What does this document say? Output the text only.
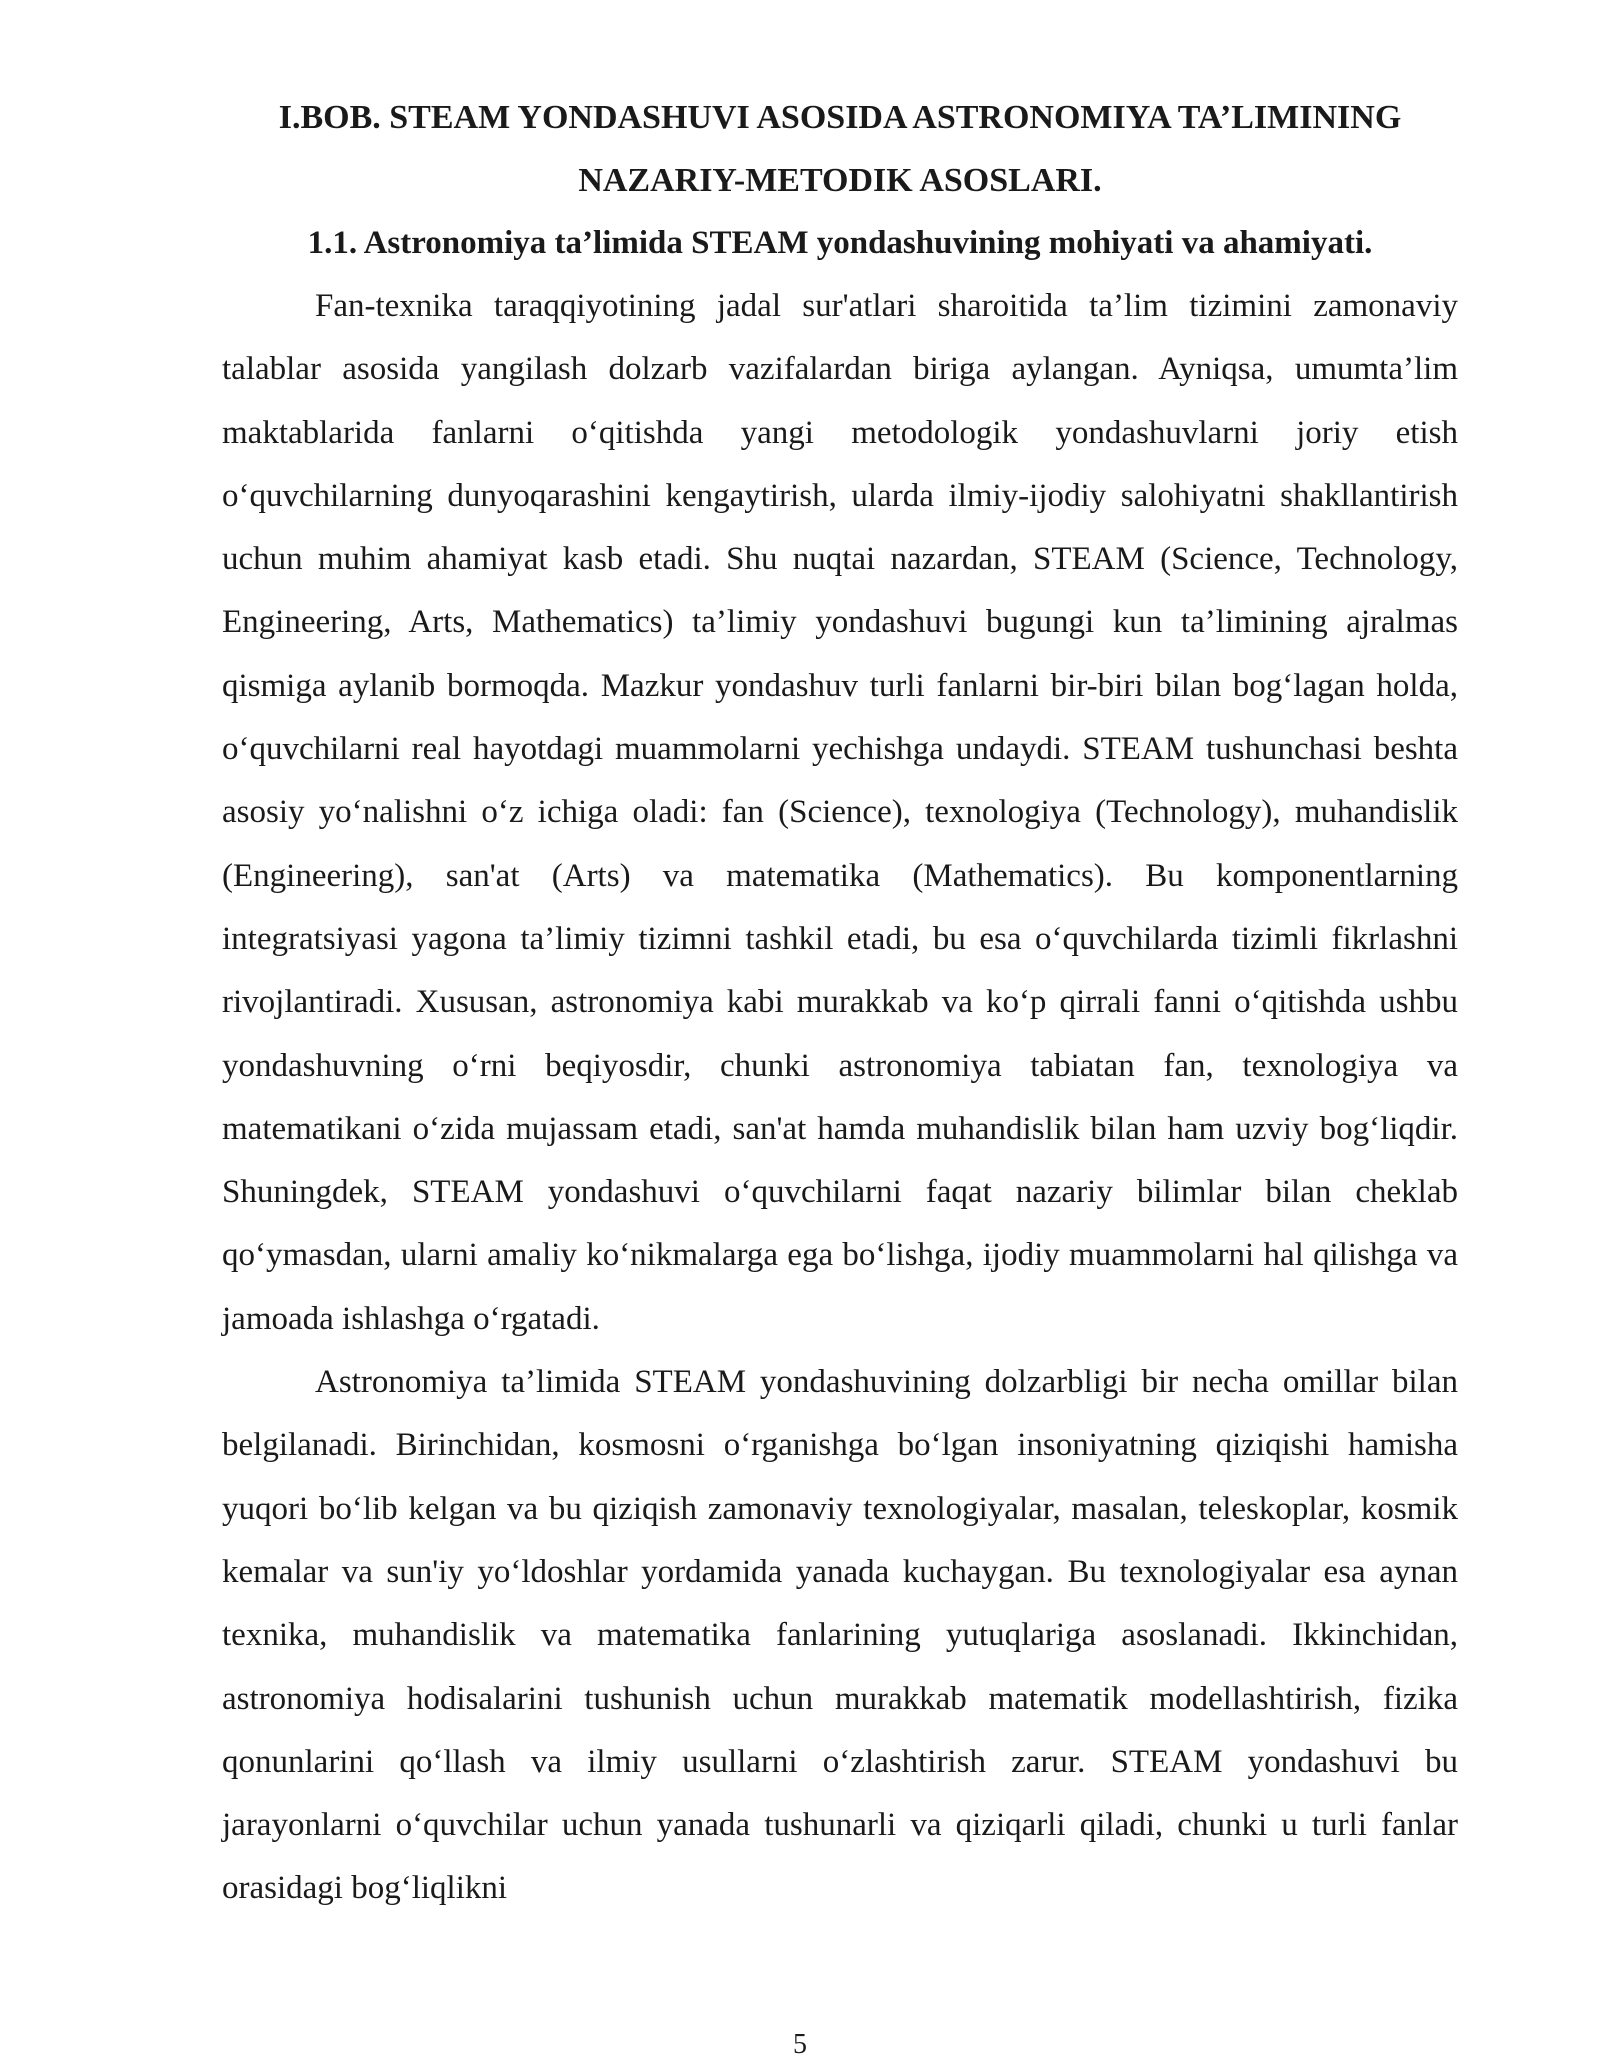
I.BOB. STEAM YONDASHUVI ASOSIDA ASTRONOMIYA TA’LIMINING NAZARIY-METODIK ASOSLARI.
1.1. Astronomiya ta’limida STEAM yondashuvining mohiyati va ahamiyati.

Fan-texnika taraqqiyotining jadal sur'atlari sharoitida ta’lim tizimini zamonaviy talablar asosida yangilash dolzarb vazifalardan biriga aylangan. Ayniqsa, umumta’lim maktablarida fanlarni o‘qitishda yangi metodologik yondashuvlarni joriy etish o‘quvchilarning dunyoqarashini kengaytirish, ularda ilmiy-ijodiy salohiyatni shakllantirish uchun muhim ahamiyat kasb etadi. Shu nuqtai nazardan, STEAM (Science, Technology, Engineering, Arts, Mathematics) ta’limiy yondashuvi bugungi kun ta’limining ajralmas qismiga aylanib bormoqda. Mazkur yondashuv turli fanlarni bir-biri bilan bog‘lagan holda, o‘quvchilarni real hayotdagi muammolarni yechishga undaydi. STEAM tushunchasi beshta asosiy yo‘nalishni o‘z ichiga oladi: fan (Science), texnologiya (Technology), muhandislik (Engineering), san'at (Arts) va matematika (Mathematics). Bu komponentlarning integratsiyasi yagona ta’limiy tizimni tashkil etadi, bu esa o‘quvchilarda tizimli fikrlashni rivojlantiradi. Xususan, astronomiya kabi murakkab va ko‘p qirrali fanni o‘qitishda ushbu yondashuvning o‘rni beqiyosdir, chunki astronomiya tabiatan fan, texnologiya va matematikani o‘zida mujassam etadi, san'at hamda muhandislik bilan ham uzviy bog‘liqdir. Shuningdek, STEAM yondashuvi o‘quvchilarni faqat nazariy bilimlar bilan cheklab qo‘ymasdan, ularni amaliy ko‘nikmalarga ega bo‘lishga, ijodiy muammolarni hal qilishga va jamoada ishlashga o‘rgatadi.

Astronomiya ta’limida STEAM yondashuvining dolzarbligi bir necha omillar bilan belgilanadi. Birinchidan, kosmosni o‘rganishga bo‘lgan insoniyatning qiziqishi hamisha yuqori bo‘lib kelgan va bu qiziqish zamonaviy texnologiyalar, masalan, teleskoplar, kosmik kemalar va sun'iy yo‘ldoshlar yordamida yanada kuchaygan. Bu texnologiyalar esa aynan texnika, muhandislik va matematika fanlarining yutuqlariga asoslanadi. Ikkinchidan, astronomiya hodisalarini tushunish uchun murakkab matematik modellashtirish, fizika qonunlarini qo‘llash va ilmiy usullarni o‘zlashtirish zarur. STEAM yondashuvi bu jarayonlarni o‘quvchilar uchun yanada tushunarli va qiziqarli qiladi, chunki u turli fanlar orasidagi bog‘liqlikni

5
